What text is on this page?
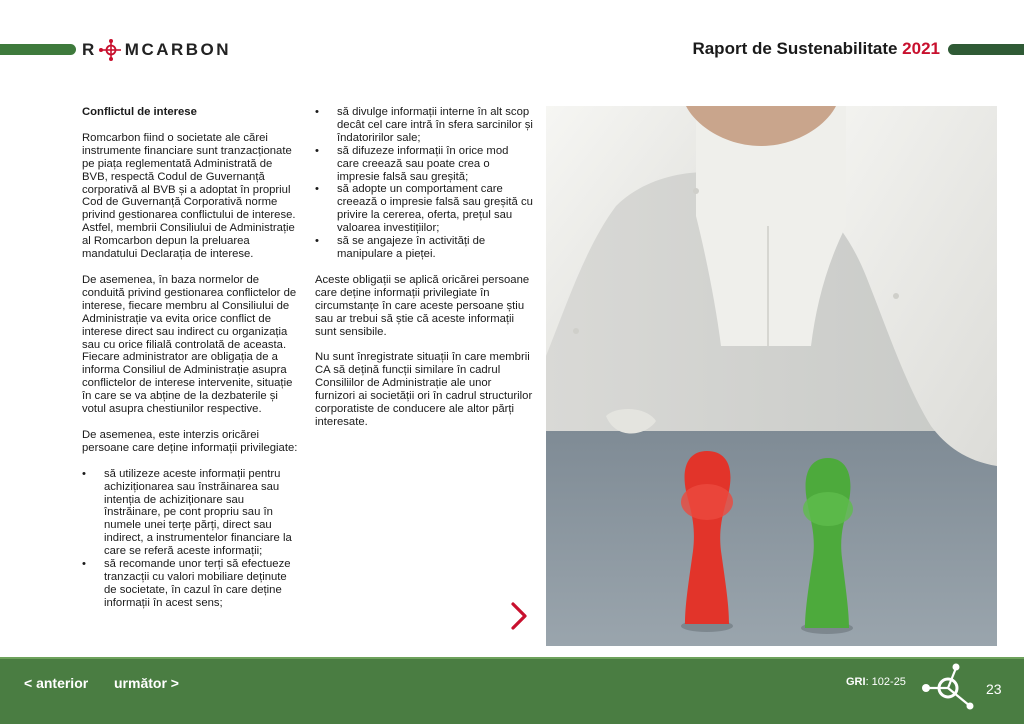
R MCARBON	Raport de Sustenabilitate 2021
Conflictul de interese

Romcarbon fiind o societate ale cărei instrumente financiare sunt tranzacționate pe piața reglementată Administrată de BVB, respectă Codul de Guvernanță corporativă al BVB și a adoptat în propriul Cod de Guvernanță Corporativă norme privind gestionarea conflictului de interese. Astfel, membrii Consiliului de Administrație al Romcarbon depun la preluarea mandatului Declarația de interese.

De asemenea, în baza normelor de conduită privind gestionarea conflictelor de interese, fiecare membru al Consiliului de Administrație va evita orice conflict de interese direct sau indirect cu organizația sau cu orice filială controlată de aceasta. Fiecare administrator are obligația de a informa Consiliul de Administrație asupra conflictelor de interese intervenite, situație în care se va abține de la dezbaterile și votul asupra chestiunilor respective.

De asemenea, este interzis oricărei persoane care deține informații privilegiate:

• să utilizeze aceste informații pentru achiziționarea sau înstrăinarea sau intenția de achiziționare sau înstrăinare, pe cont propriu sau în numele unei terțe părți, direct sau indirect, a instrumentelor financiare la care se referă aceste informații;
• să recomande unor terți să efectueze tranzacții cu valori mobiliare deținute de societate, în cazul în care deține informații în acest sens;
• să divulge informații interne în alt scop decât cel care intră în sfera sarcinilor și îndatoririlor sale;
• să difuzeze informații în orice mod care creează sau poate crea o impresie falsă sau greșită;
• să adopte un comportament care creează o impresie falsă sau greșită cu privire la cererea, oferta, prețul sau valoarea investițiilor;
• să se angajeze în activități de manipulare a pieței.

Aceste obligații se aplică oricărei persoane care deține informații privilegiate în circumstanțe în care aceste persoane știu sau ar trebui să știe că aceste informații sunt sensibile.

Nu sunt înregistrate situații în care membrii CA să dețină funcții similare în cadrul Consiliilor de Administrație ale unor furnizori ai societății ori în cadrul structurilor corporatiste de conducere ale altor părți interesate.

< anterior următor >	GRI: 102-25	23
